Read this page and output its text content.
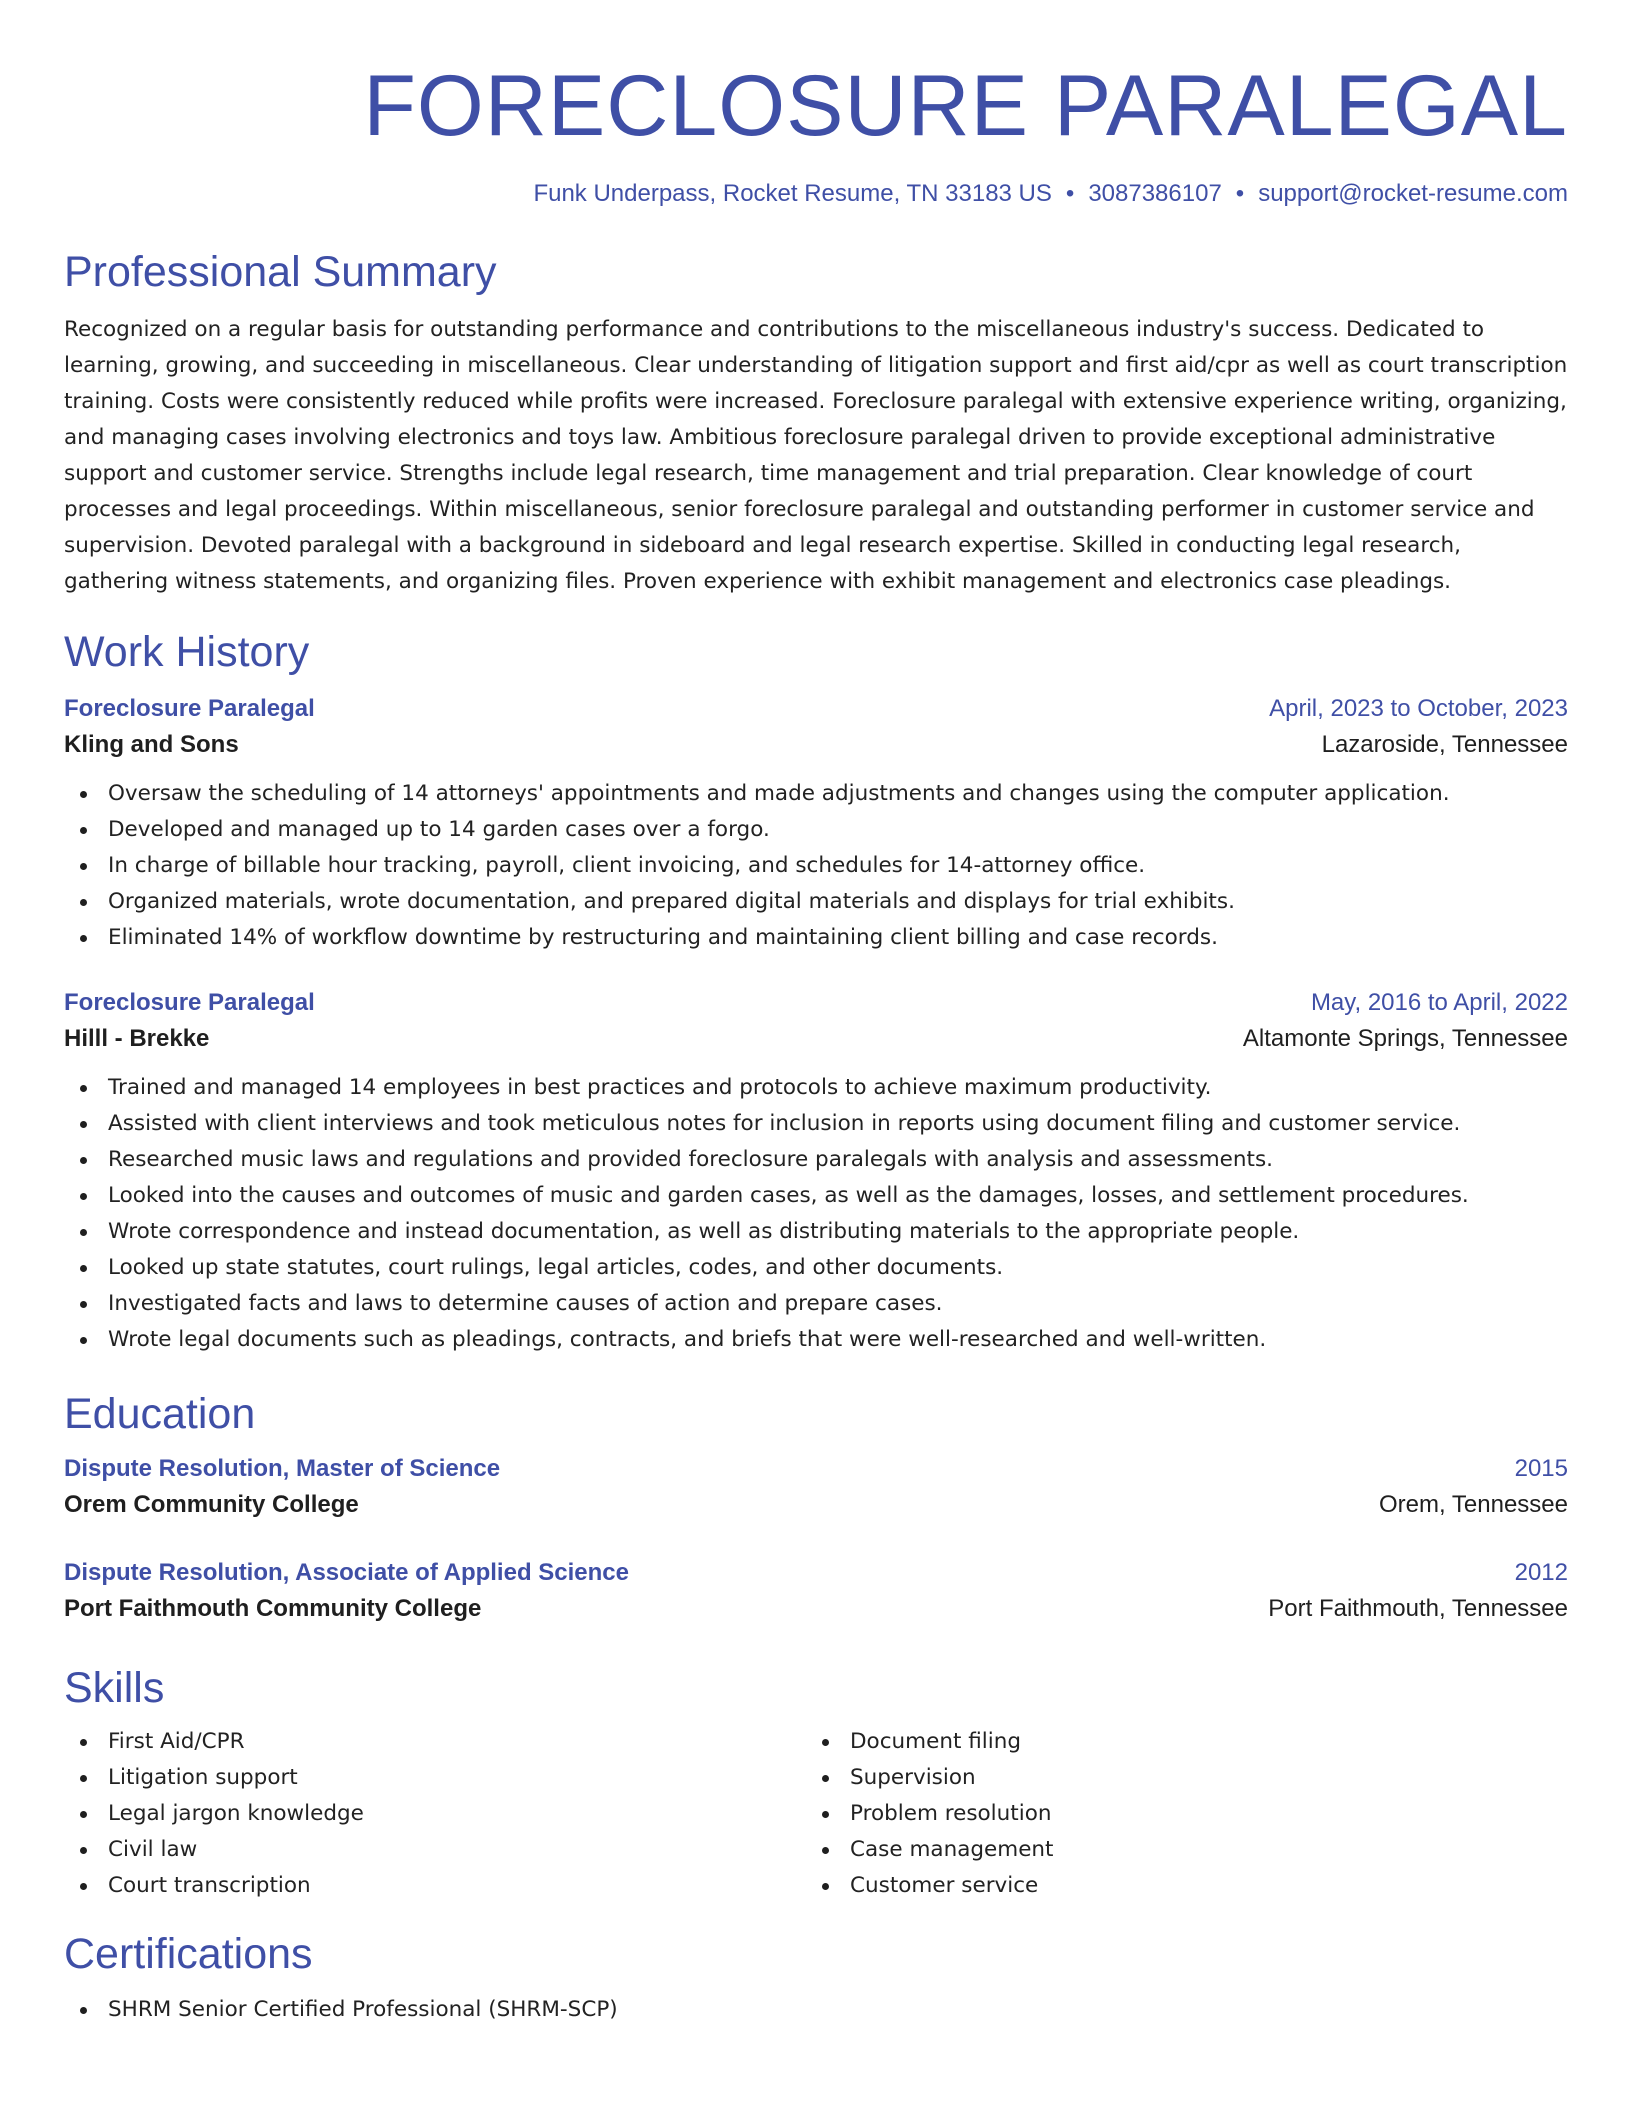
FORECLOSURE PARALEGAL
Funk Underpass, Rocket Resume, TN 33183 US • 3087386107 • support@rocket-resume.com
Professional Summary

Recognized on a regular basis for outstanding performance and contributions to the miscellaneous industry's success. Dedicated to learning, growing, and succeeding in miscellaneous. Clear understanding of litigation support and first aid/cpr as well as court transcription training. Costs were consistently reduced while profits were increased. Foreclosure paralegal with extensive experience writing, organizing, and managing cases involving electronics and toys law. Ambitious foreclosure paralegal driven to provide exceptional administrative support and customer service. Strengths include legal research, time management and trial preparation. Clear knowledge of court processes and legal proceedings. Within miscellaneous, senior foreclosure paralegal and outstanding performer in customer service and supervision. Devoted paralegal with a background in sideboard and legal research expertise. Skilled in conducting legal research, gathering witness statements, and organizing files. Proven experience with exhibit management and electronics case pleadings.

Work History
Foreclosure Paralegal	April, 2023 to October, 2023
Kling and Sons	Lazaroside, Tennessee
Oversaw the scheduling of 14 attorneys' appointments and made adjustments and changes using the computer application.
Developed and managed up to 14 garden cases over a forgo.
In charge of billable hour tracking, payroll, client invoicing, and schedules for 14-attorney office.
Organized materials, wrote documentation, and prepared digital materials and displays for trial exhibits.
Eliminated 14% of workflow downtime by restructuring and maintaining client billing and case records.
Foreclosure Paralegal	May, 2016 to April, 2022
Hilll - Brekke	Altamonte Springs, Tennessee
Trained and managed 14 employees in best practices and protocols to achieve maximum productivity.
Assisted with client interviews and took meticulous notes for inclusion in reports using document filing and customer service.
Researched music laws and regulations and provided foreclosure paralegals with analysis and assessments.
Looked into the causes and outcomes of music and garden cases, as well as the damages, losses, and settlement procedures.
Wrote correspondence and instead documentation, as well as distributing materials to the appropriate people.
Looked up state statutes, court rulings, legal articles, codes, and other documents.
Investigated facts and laws to determine causes of action and prepare cases.
Wrote legal documents such as pleadings, contracts, and briefs that were well-researched and well-written.
Education
Dispute Resolution, Master of Science	2015
Orem Community College	Orem, Tennessee
Dispute Resolution, Associate of Applied Science	2012
Port Faithmouth Community College	Port Faithmouth, Tennessee
Skills
First Aid/CPR
Litigation support
Legal jargon knowledge
Civil law
Court transcription
Document filing
Supervision
Problem resolution
Case management
Customer service
Certifications
SHRM Senior Certified Professional (SHRM-SCP)
